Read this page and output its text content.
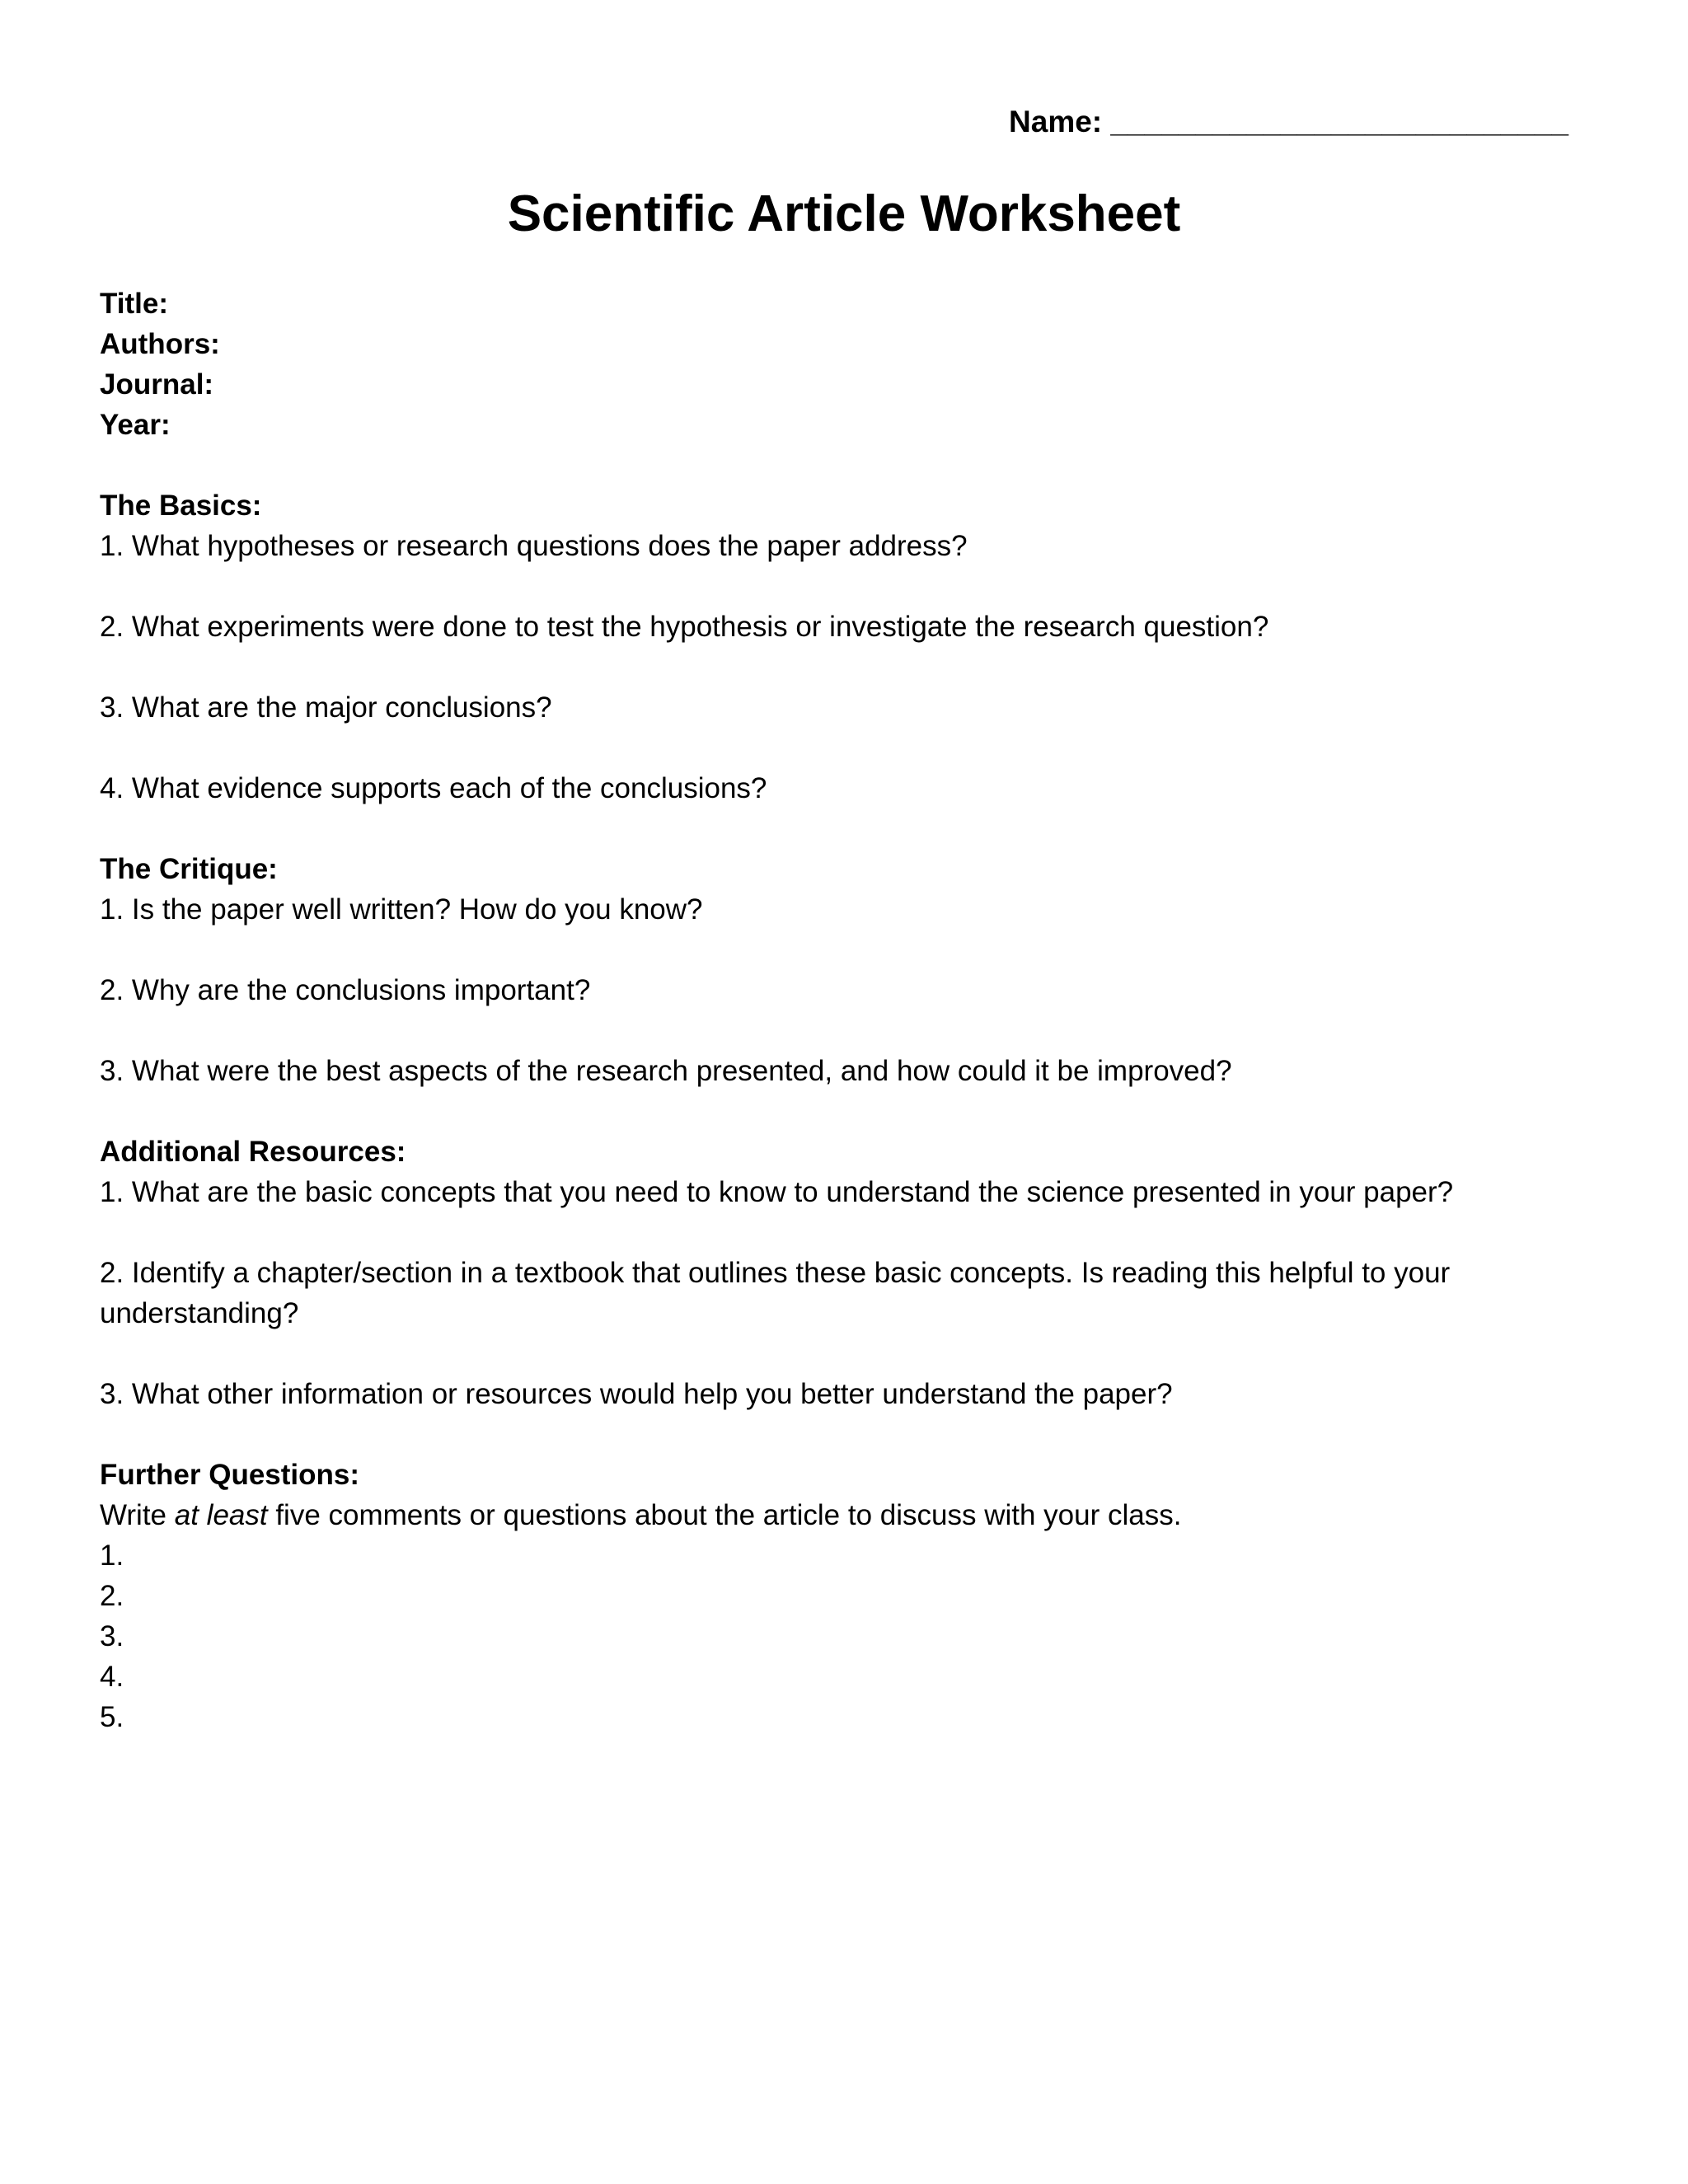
Name: ___________________________
Scientific Article Worksheet
Title:
Authors:
Journal:
Year:
The Basics:
1. What hypotheses or research questions does the paper address?
2. What experiments were done to test the hypothesis or investigate the research question?
3. What are the major conclusions?
4. What evidence supports each of the conclusions?
The Critique:
1. Is the paper well written? How do you know?
2. Why are the conclusions important?
3. What were the best aspects of the research presented, and how could it be improved?
Additional Resources:
1. What are the basic concepts that you need to know to understand the science presented in your paper?
2. Identify a chapter/section in a textbook that outlines these basic concepts. Is reading this helpful to your understanding?
3. What other information or resources would help you better understand the paper?
Further Questions:
Write at least five comments or questions about the article to discuss with your class.
1.
2.
3.
4.
5.
